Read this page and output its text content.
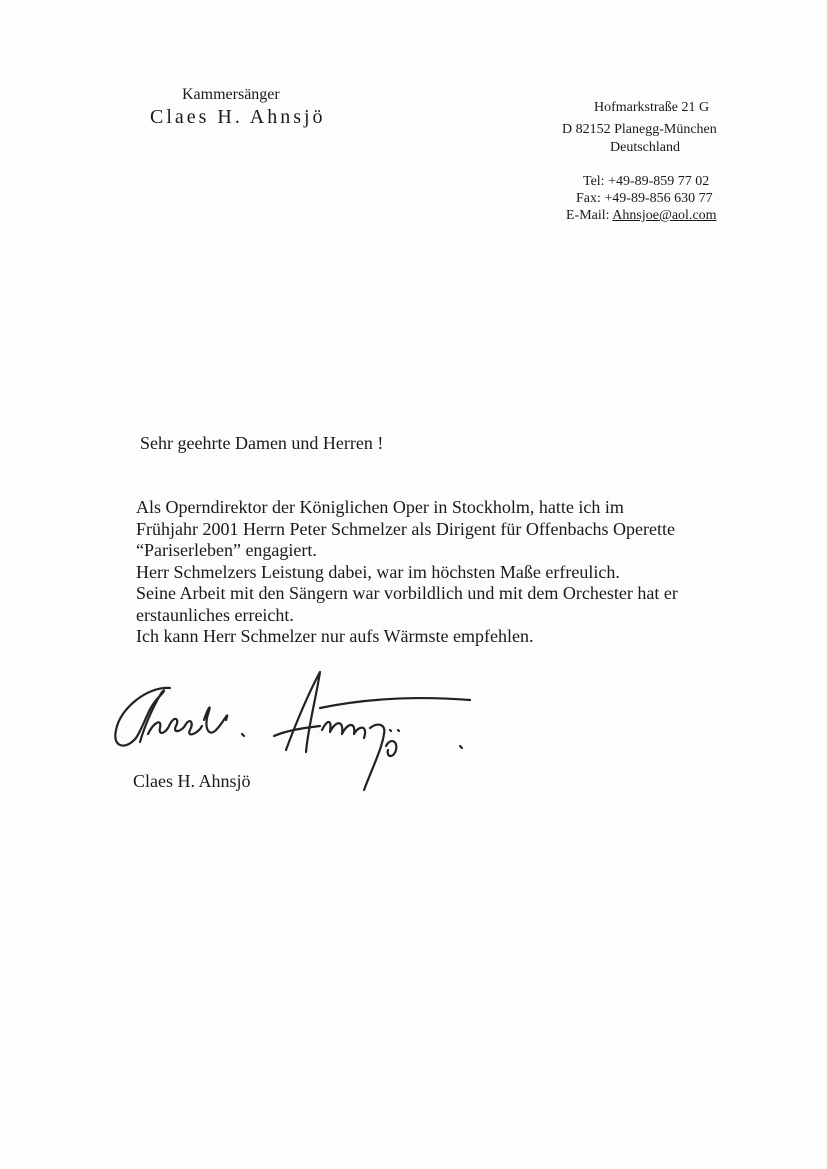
Kammersänger
Claes H. Ahnsjö	Hofmarkstraße 21 G
D 82152 Planegg-München
Deutschland
Tel: +49-89-859 77 02
Fax: +49-89-856 630 77
E-Mail: Ahnsjoe@aol.com
Sehr geehrte Damen und Herren !
Als Operndirektor der Königlichen Oper in Stockholm, hatte ich im
Frühjahr 2001 Herrn Peter Schmelzer als Dirigent für Offenbachs Operette
“Pariserleben” engagiert.
Herr Schmelzers Leistung dabei, war im höchsten Maße erfreulich.
Seine Arbeit mit den Sängern war vorbildlich und mit dem Orchester hat er
erstaunliches erreicht.
Ich kann Herr Schmelzer nur aufs Wärmste empfehlen.
Claes H. Ahnsjö
